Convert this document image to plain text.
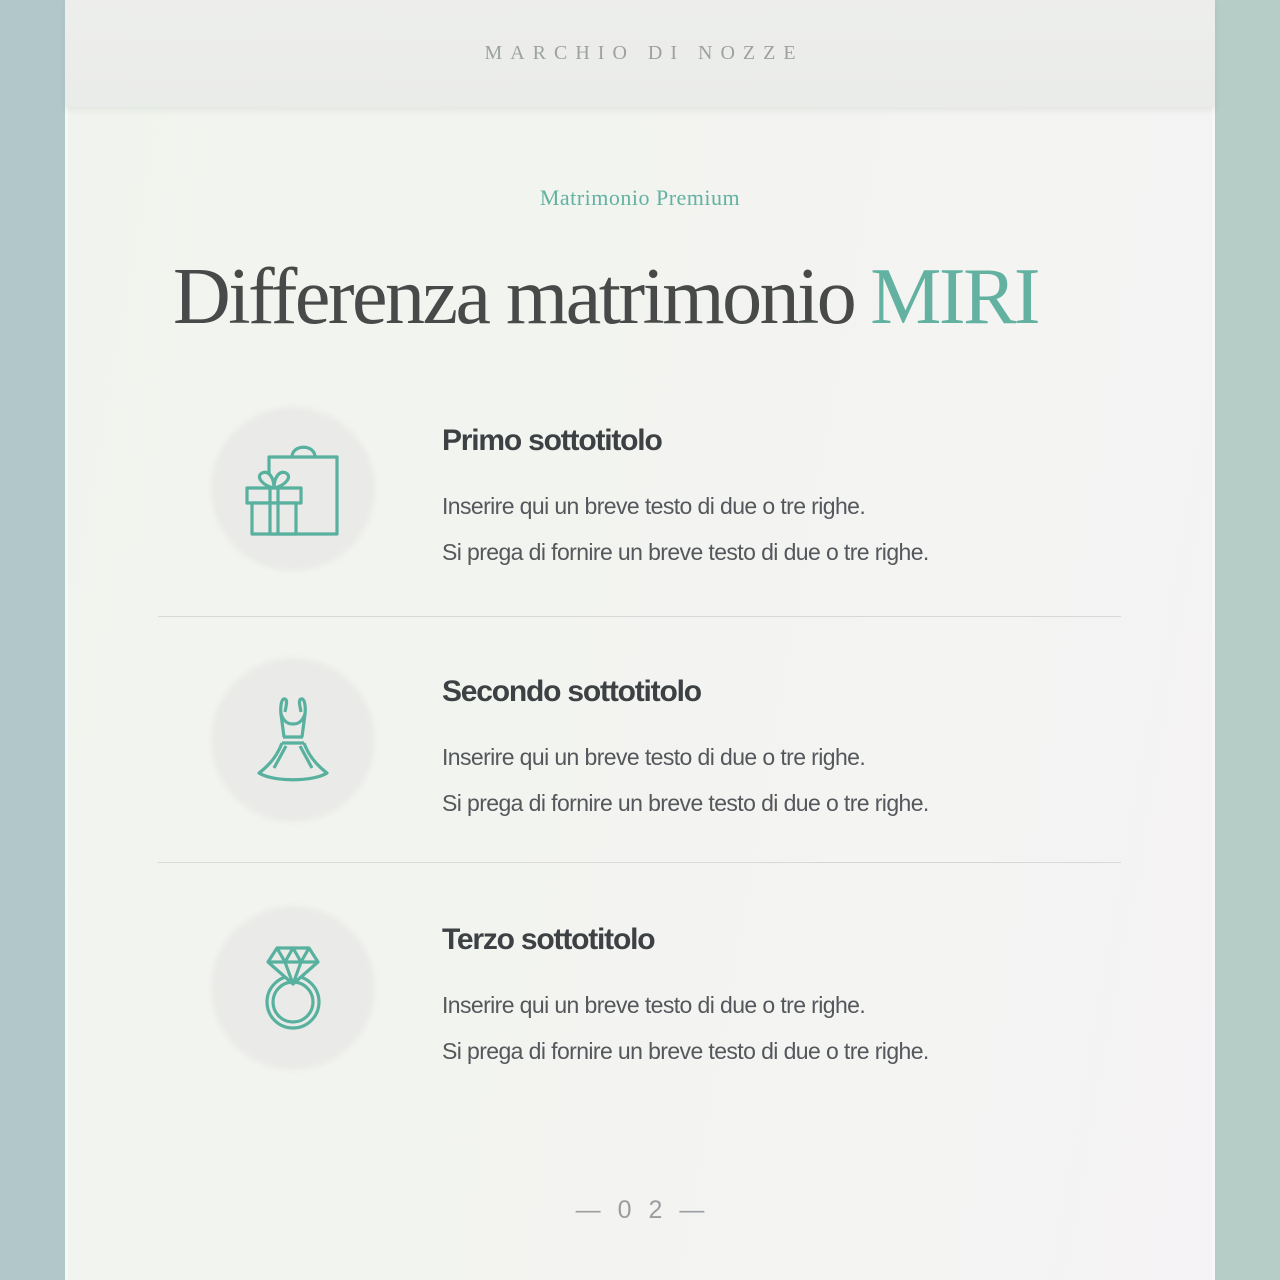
MARCHIO DI NOZZE
Matrimonio Premium
Differenza matrimonio MIRI
Primo sottotitolo
Inserire qui un breve testo di due o tre righe.
Si prega di fornire un breve testo di due o tre righe.
Secondo sottotitolo
Inserire qui un breve testo di due o tre righe.
Si prega di fornire un breve testo di due o tre righe.
Terzo sottotitolo
Inserire qui un breve testo di due o tre righe.
Si prega di fornire un breve testo di due o tre righe.
— 0 2 —
